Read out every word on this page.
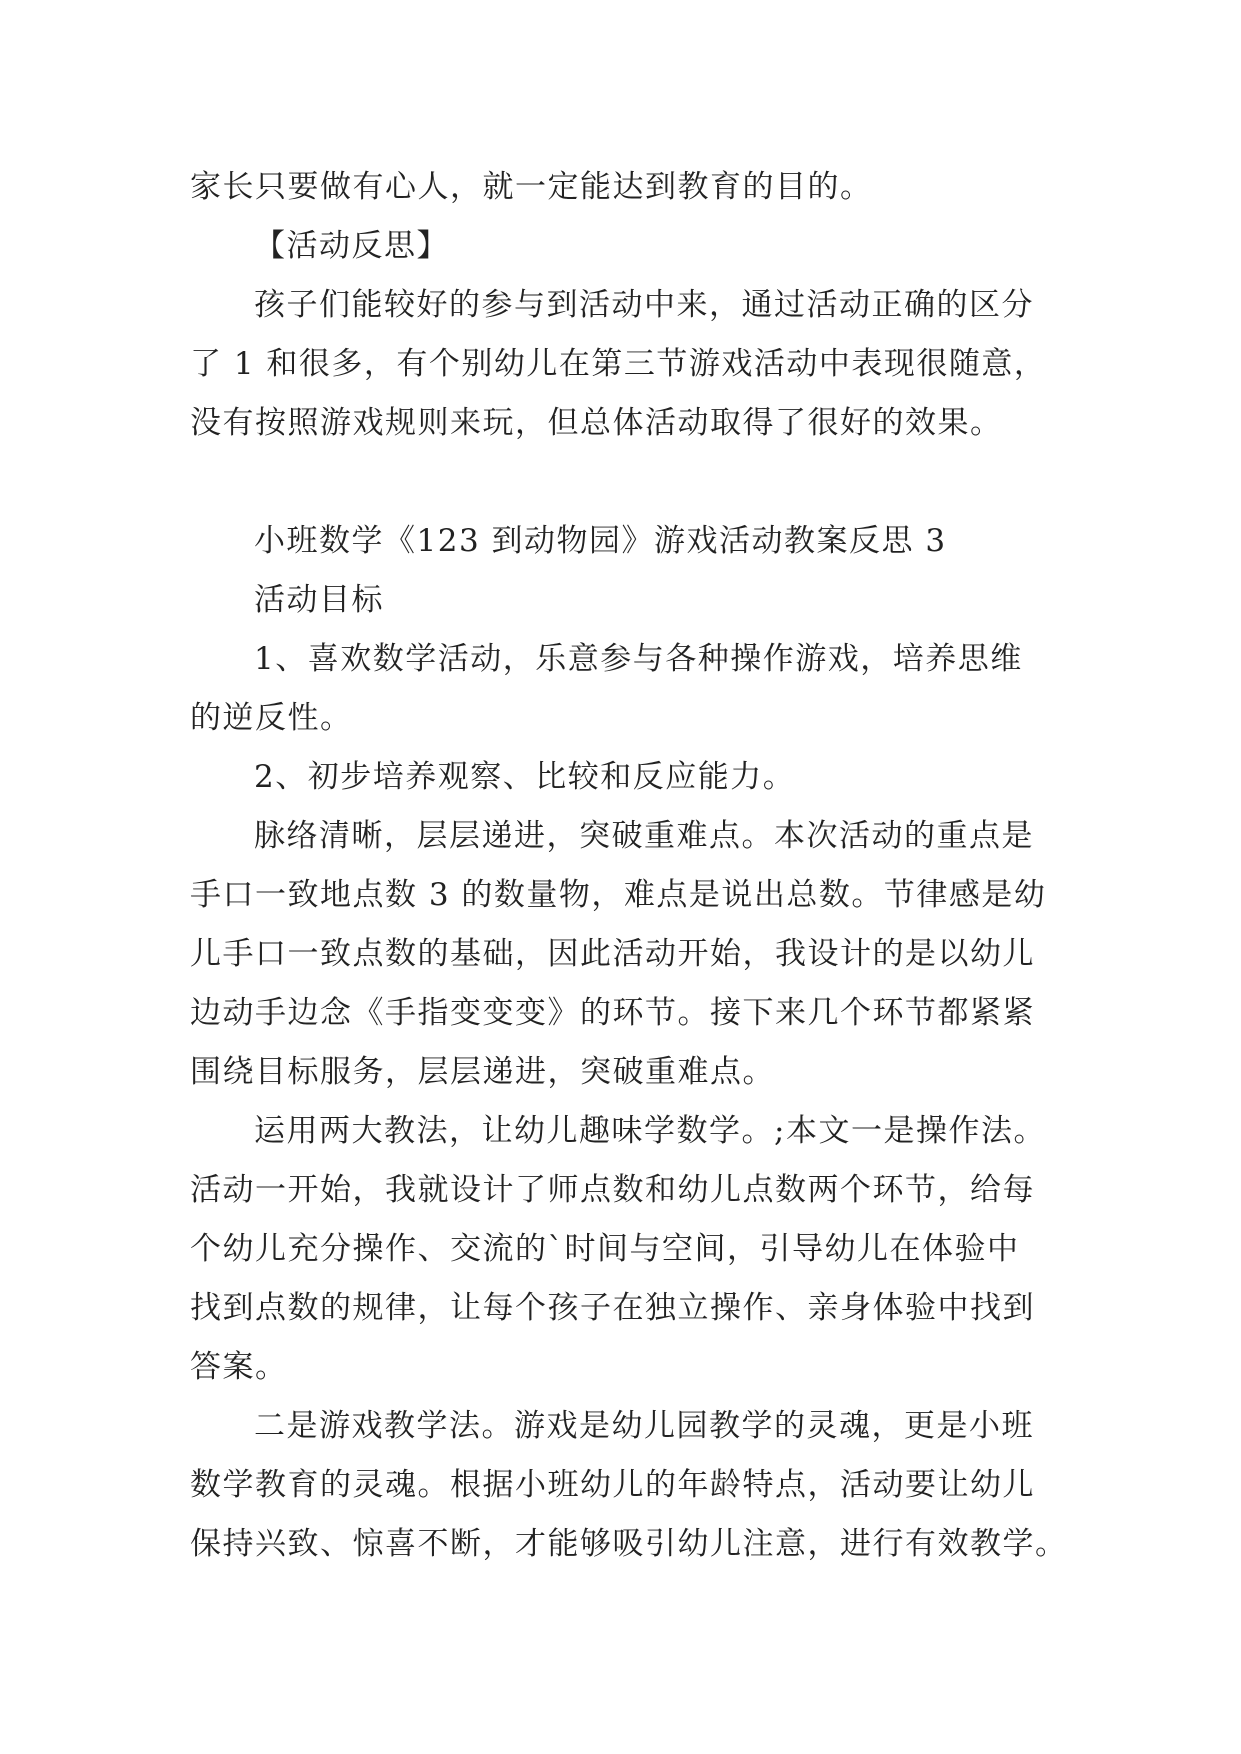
家长只要做有心人，就一定能达到教育的目的。

【活动反思】

孩子们能较好的参与到活动中来，通过活动正确的区分

了 1 和很多，有个别幼儿在第三节游戏活动中表现很随意，

没有按照游戏规则来玩，但总体活动取得了很好的效果。

小班数学《123 到动物园》游戏活动教案反思 3

活动目标

1、喜欢数学活动，乐意参与各种操作游戏，培养思维

的逆反性。

2、初步培养观察、比较和反应能力。

脉络清晰，层层递进，突破重难点。本次活动的重点是

手口一致地点数 3 的数量物，难点是说出总数。节律感是幼

儿手口一致点数的基础，因此活动开始，我设计的是以幼儿

边动手边念《手指变变变》的环节。接下来几个环节都紧紧

围绕目标服务，层层递进，突破重难点。

运用两大教法，让幼儿趣味学数学。;本文一是操作法。

活动一开始，我就设计了师点数和幼儿点数两个环节，给每

个幼儿充分操作、交流的`时间与空间，引导幼儿在体验中

找到点数的规律，让每个孩子在独立操作、亲身体验中找到

答案。

二是游戏教学法。游戏是幼儿园教学的灵魂，更是小班

数学教育的灵魂。根据小班幼儿的年龄特点，活动要让幼儿

保持兴致、惊喜不断，才能够吸引幼儿注意，进行有效教学。
